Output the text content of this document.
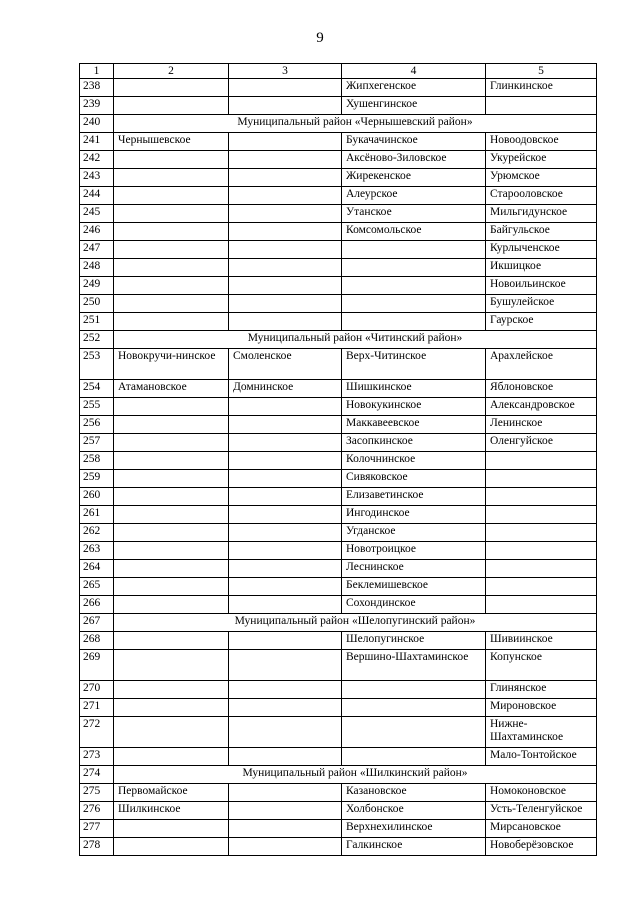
9
1	2	3	4	5
238			Жипхегенское	Глинкинское
239			Хушенгинское	
240	Муниципальный район «Чернышевский район»			
241	Чернышевское		Букачачинское	Новоодовское
242			Аксёново-Зиловское	Укурейское
243			Жирекенское	Урюмское
244			Алеурское	Старооловское
245			Утанское	Мильгидунское
246			Комсомольское	Байгульское
247				Курлыченское
248				Икшицкое
249				Новоильинское
250				Бушулейское
251				Гаурское
252	Муниципальный район «Читинский район»			
253	Новокручи-нинское	Смоленское	Верх-Читинское	Арахлейское
254	Атамановское	Домнинское	Шишкинское	Яблоновское
255			Новокукинское	Александровское
256			Маккавеевское	Ленинское
257			Засопкинское	Оленгуйское
258			Колочнинское	
259			Сивяковское	
260			Елизаветинское	
261			Ингодинское	
262			Угданское	
263			Новотроицкое	
264			Леснинское	
265			Беклемишевское	
266			Сохондинское	
267	Муниципальный район «Шелопугинский район»			
268			Шелопугинское	Шивиинское
269			Вершино-Шахтаминское	Копунское
270				Глинянское
271				Мироновское
272				Нижне-Шахтаминское
273				Мало-Тонтойское
274	Муниципальный район «Шилкинский район»			
275	Первомайское		Казановское	Номоконовское
276	Шилкинское		Холбонское	Усть-Теленгуйское
277			Верхнехилинское	Мирсановское
278			Галкинское	Новоберёзовское
